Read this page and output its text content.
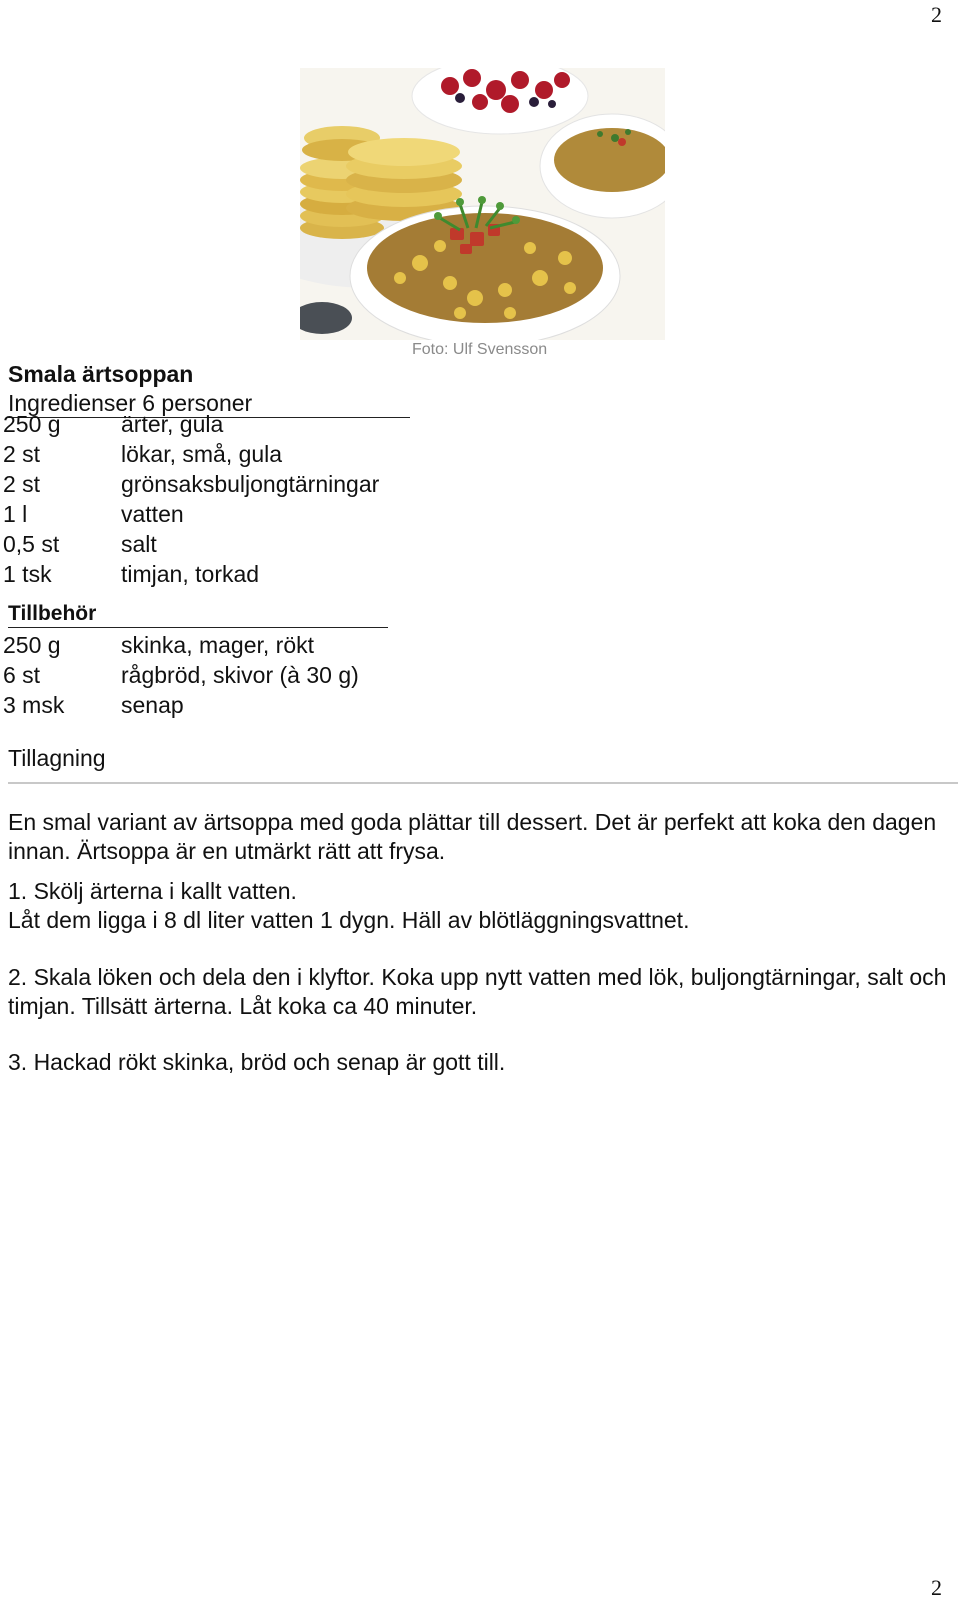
2
Foto: Ulf Svensson
Smala ärtsoppan
Ingredienser 6 personer
250 g	ärter, gula
2 st	lökar, små, gula
2 st	grönsaksbuljongtärningar
1 l	vatten
0,5 st	salt
1 tsk	timjan, torkad
Tillbehör
250 g	skinka, mager, rökt
6 st	rågbröd, skivor (à 30 g)
3 msk senap
Tillagning
En smal variant av ärtsoppa med goda plättar till dessert. Det är perfekt att koka den dagen innan. Ärtsoppa är en utmärkt rätt att frysa.
1. Skölj ärterna i kallt vatten.
Låt dem ligga i 8 dl liter vatten 1 dygn. Häll av blötläggningsvattnet.
2. Skala löken och dela den i klyftor. Koka upp nytt vatten med lök, buljongtärningar, salt och timjan. Tillsätt ärterna. Låt koka ca 40 minuter.
3. Hackad rökt skinka, bröd och senap är gott till.
2
